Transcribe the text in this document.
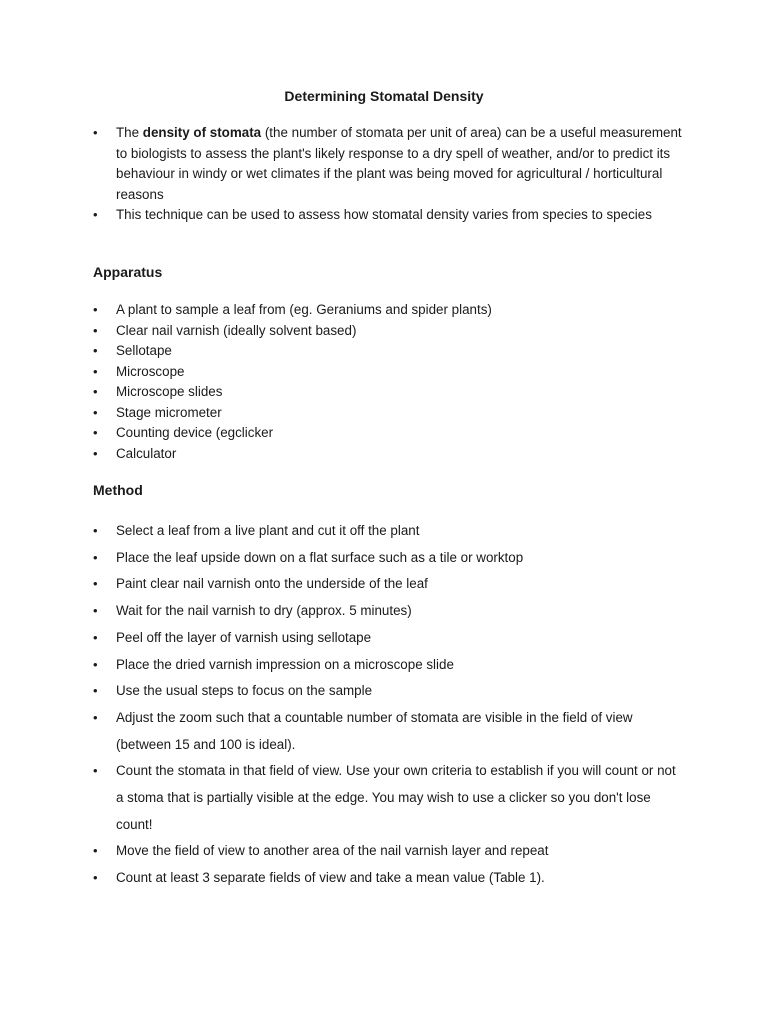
Determining Stomatal Density
• The density of stomata (the number of stomata per unit of area) can be a useful measurement to biologists to assess the plant's likely response to a dry spell of weather, and/or to predict its behaviour in windy or wet climates if the plant was being moved for agricultural / horticultural reasons
• This technique can be used to assess how stomatal density varies from species to species
Apparatus
• A plant to sample a leaf from (eg. Geraniums and spider plants)
• Clear nail varnish (ideally solvent based)
• Sellotape
• Microscope
• Microscope slides
• Stage micrometer
• Counting device (egclicker
• Calculator
Method
• Select a leaf from a live plant and cut it off the plant
• Place the leaf upside down on a flat surface such as a tile or worktop
• Paint clear nail varnish onto the underside of the leaf
• Wait for the nail varnish to dry (approx. 5 minutes)
• Peel off the layer of varnish using sellotape
• Place the dried varnish impression on a microscope slide
• Use the usual steps to focus on the sample
• Adjust the zoom such that a countable number of stomata are visible in the field of view (between 15 and 100 is ideal).
• Count the stomata in that field of view. Use your own criteria to establish if you will count or not a stoma that is partially visible at the edge. You may wish to use a clicker so you don't lose count!
• Move the field of view to another area of the nail varnish layer and repeat
• Count at least 3 separate fields of view and take a mean value (Table 1).
